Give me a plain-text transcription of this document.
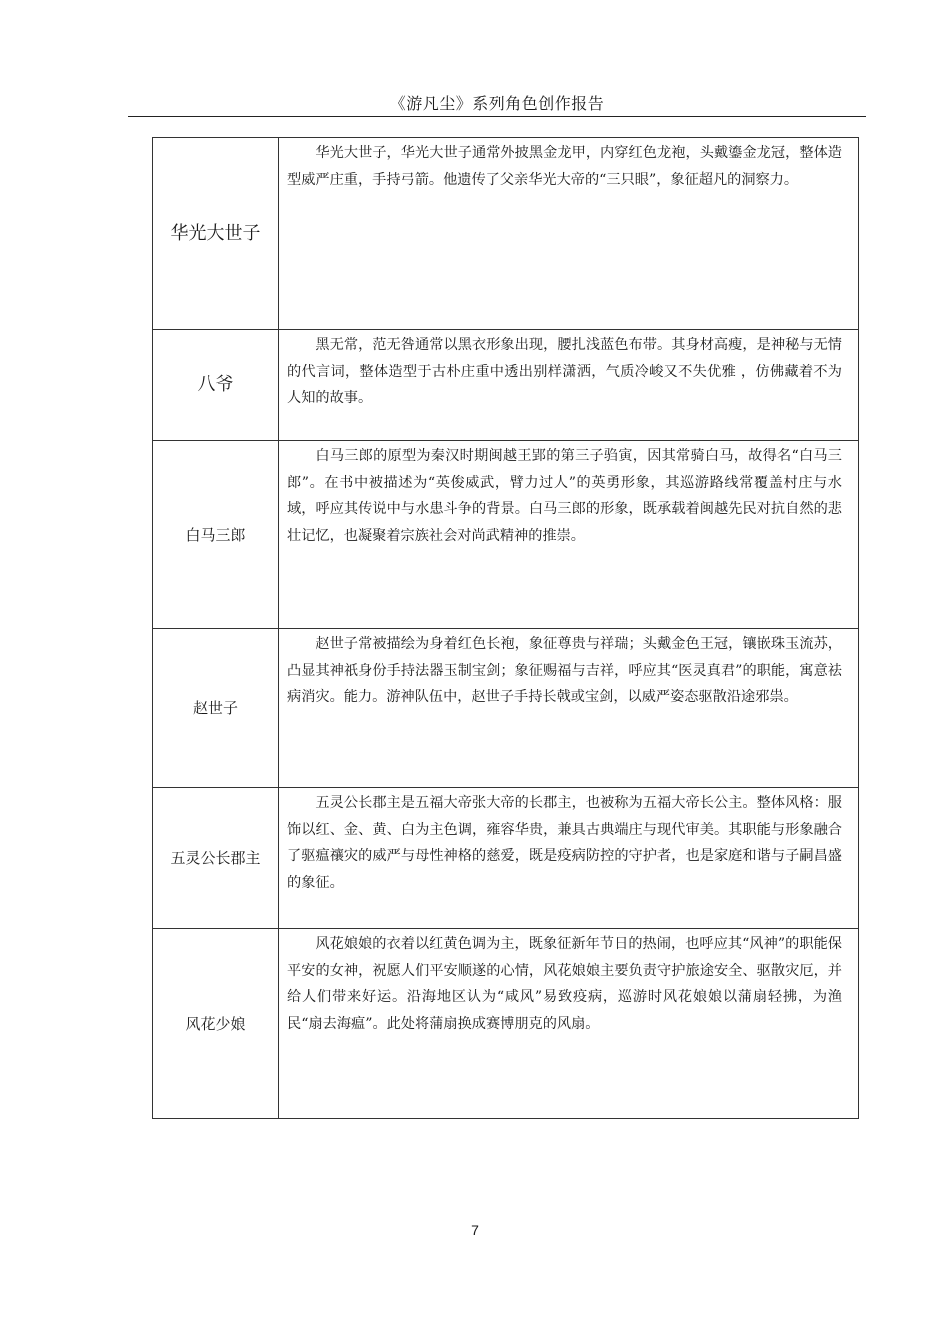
《游凡尘》系列角色创作报告
华光大世子	华光大世子，华光大世子通常外披黑金龙甲，内穿红色龙袍，头戴鎏金龙冠，整体造型威严庄重，手持弓箭。他遗传了父亲华光大帝的“三只眼”，象征超凡的洞察力。

八爷	黑无常，范无咎通常以黑衣形象出现，腰扎浅蓝色布带。其身材高瘦，是神秘与无情的代言词，整体造型于古朴庄重中透出别样潇洒，气质冷峻又不失优雅 ，仿佛藏着不为人知的故事。

白马三郎	白马三郎的原型为秦汉时期闽越王郢的第三子驺寅，因其常骑白马，故得名“白马三郎”。在书中被描述为“英俊威武，臂力过人”的英勇形象，其巡游路线常覆盖村庄与水域，呼应其传说中与水患斗争的背景。白马三郎的形象，既承载着闽越先民对抗自然的悲壮记忆，也凝聚着宗族社会对尚武精神的推崇。

赵世子	赵世子常被描绘为身着红色长袍，象征尊贵与祥瑞；头戴金色王冠，镶嵌珠玉流苏，凸显其神祇身份手持法器玉制宝剑；象征赐福与吉祥，呼应其“医灵真君”的职能，寓意祛病消灾。能力。游神队伍中，赵世子手持长戟或宝剑，以威严姿态驱散沿途邪祟。

五灵公长郡主	五灵公长郡主是五福大帝张大帝的长郡主，也被称为五福大帝长公主。整体风格：服饰以红、金、黄、白为主色调，雍容华贵，兼具古典端庄与现代审美。其职能与形象融合了驱瘟禳灾的威严与母性神格的慈爱，既是疫病防控的守护者，也是家庭和谐与子嗣昌盛的象征。

风花少娘	风花娘娘的衣着以红黄色调为主，既象征新年节日的热闹，也呼应其“风神”的职能保平安的女神，祝愿人们平安顺遂的心情，风花娘娘主要负责守护旅途安全、驱散灾厄，并给人们带来好运。沿海地区认为“咸风”易致疫病，巡游时风花娘娘以蒲扇轻拂，为渔民“扇去海瘟”。此处将蒲扇换成赛博朋克的风扇。

7
